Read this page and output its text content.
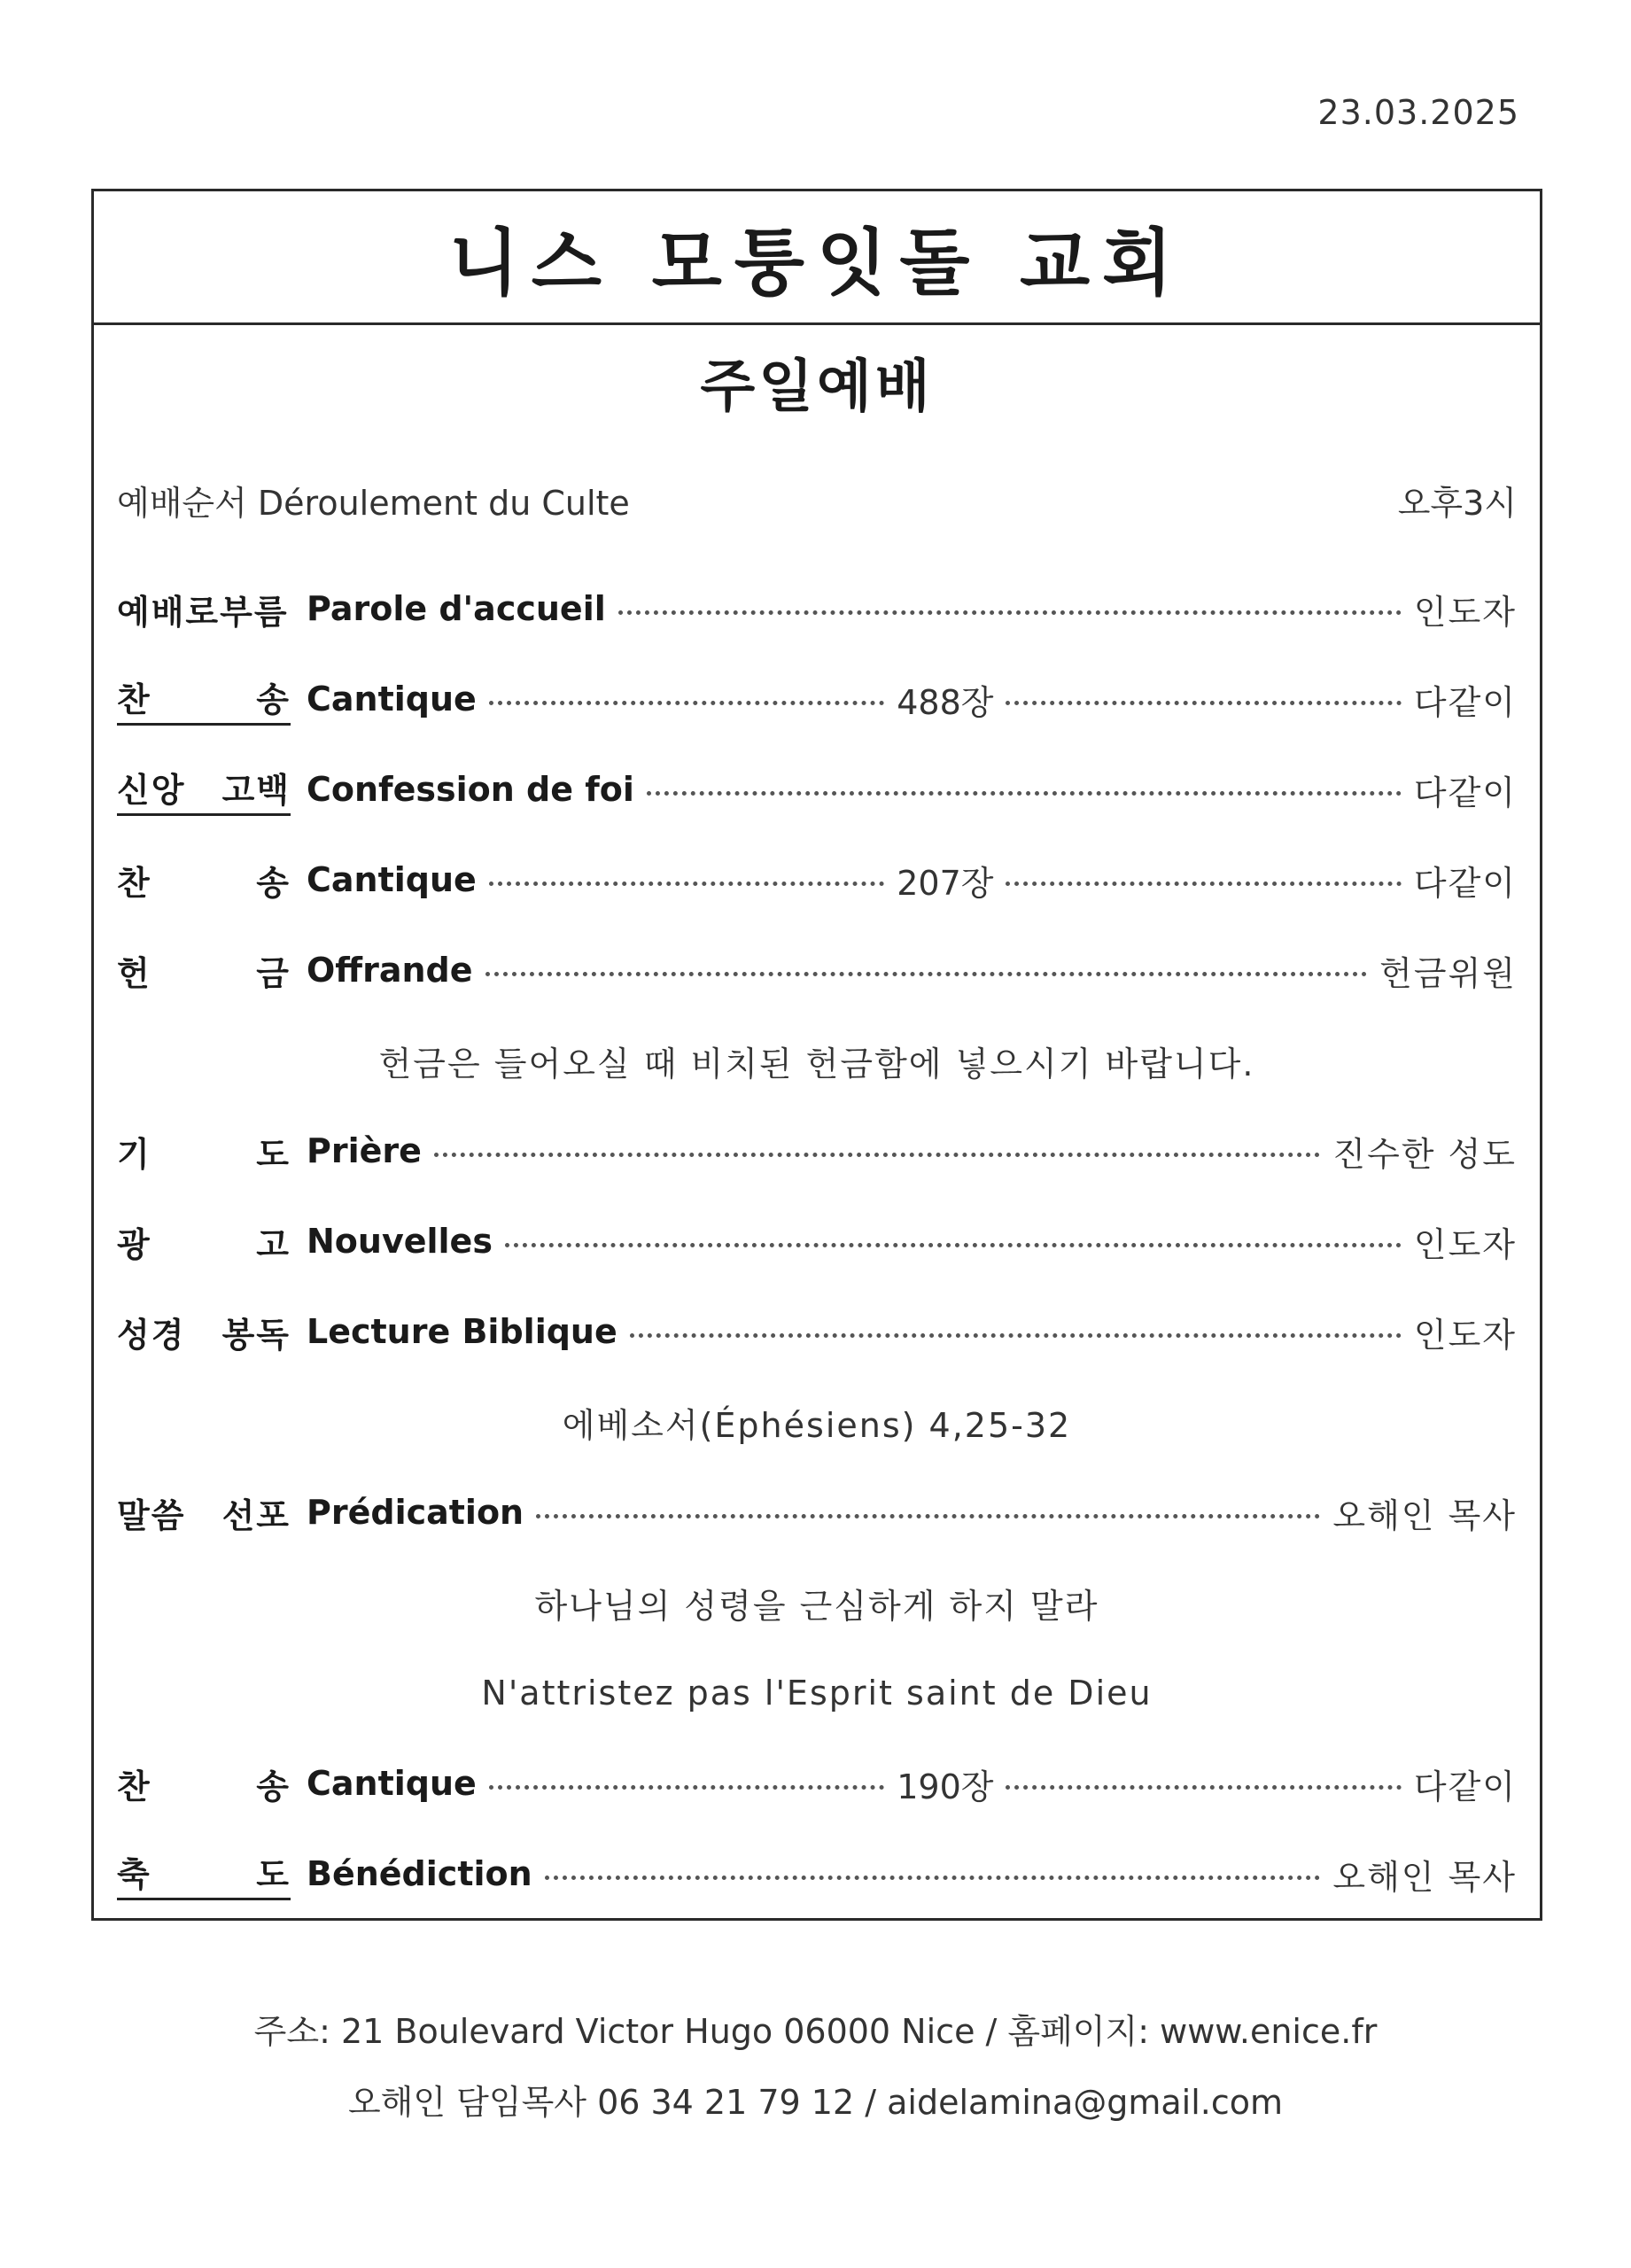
23.03.2025
니스 모퉁잇돌 교회
주일예배
예배순서 Déroulement du Culte	오후3시
예배로부름 Parole d'accueil	인도자
찬	송 Cantique	488장	다같이
신앙 고백 Confession de foi	다같이
찬	송 Cantique	207장	다같이
헌	금 Offrande	헌금위원
헌금은 들어오실 때 비치된 헌금함에 넣으시기 바랍니다.
기	도 Prière	진수한 성도
광	고 Nouvelles	인도자
성경 봉독 Lecture Biblique	인도자
에베소서(Éphésiens) 4,25-32
말씀 선포 Prédication	오해인 목사
하나님의 성령을 근심하게 하지 말라
N'attristez pas l'Esprit saint de Dieu
찬	송 Cantique	190장	다같이
축	도 Bénédiction	오해인 목사
주소: 21 Boulevard Victor Hugo 06000 Nice / 홈페이지: www.enice.fr
오해인 담임목사 06 34 21 79 12 / aidelamina@gmail.com
